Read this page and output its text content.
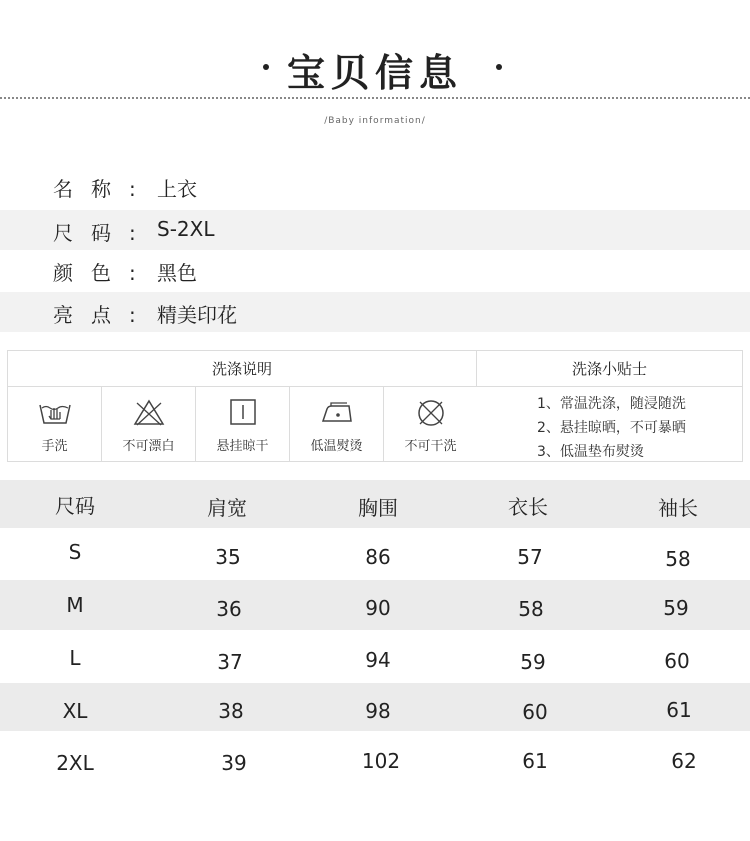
宝贝信息
/Baby information/
名称: 上衣
尺码: S-2XL
颜色: 黑色
亮点: 精美印花
洗涤说明	洗涤小贴士
手洗	不可漂白	悬挂晾干	低温熨烫	不可干洗
1、常温洗涤，随浸随洗
2、悬挂晾晒，不可暴晒
3、低温垫布熨烫
尺码	肩宽	胸围	衣长	袖长
S	35	86	57	58
M	36	90	58	59
L	37	94	59	60
XL	38	98	60	61
2XL	39	102	61	62
